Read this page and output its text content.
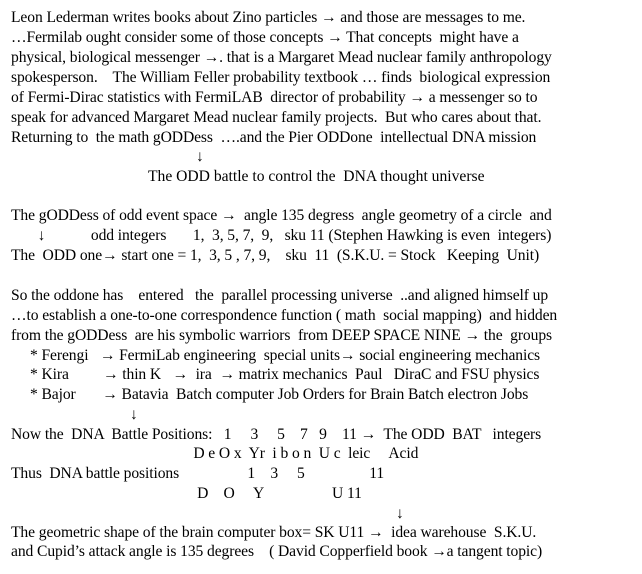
Leon Lederman writes books about Zino particles → and those are messages to me.
…Fermilab ought consider some of those concepts → That concepts  might have a
physical, biological messenger →. that is a Margaret Mead nuclear family anthropology
spokesperson.    The William Feller probability textbook … finds  biological expression
of Fermi-Dirac statistics with FermiLAB  director of probability → a messenger so to
speak for advanced Margaret Mead nuclear family projects.  But who cares about that.
Returning to  the math gODDess  ….and the Pier ODDone  intellectual DNA mission
↓
The ODD battle to control the  DNA thought universe
The gODDess of odd event space →  angle 135 degress  angle geometry of a circle  and
↓            odd integers       1,  3, 5, 7,  9,   sku 11 (Stephen Hawking is even  integers)
The  ODD one→ start one = 1,  3, 5 , 7, 9,    sku  11  (S.K.U. = Stock   Keeping  Unit)
So the oddone has    entered   the  parallel processing universe  ..and aligned himself up
…to establish a one-to-one correspondence function ( math  social mapping)  and hidden
from the gODDess  are his symbolic warriors  from DEEP SPACE NINE → the  groups
* Ferengi   → FermiLab engineering  special units→ social engineering mechanics
* Kira         → thin K   →  ira  → matrix mechanics  Paul   DiraC and FSU physics
* Bajor       → Batavia  Batch computer Job Orders for Brain Batch electron Jobs
↓
Now the  DNA  Battle Positions:   1     3     5    7   9    11 →  The ODD  BAT   integers
D e O x  Yr  i b o n  U c  leic     Acid
Thus  DNA battle positions                  1    3     5                 11
D    O     Y                  U 11
↓
The geometric shape of the brain computer box= SK U11 →  idea warehouse  S.K.U.
and Cupid’s attack angle is 135 degrees    ( David Copperfield book →a tangent topic)
